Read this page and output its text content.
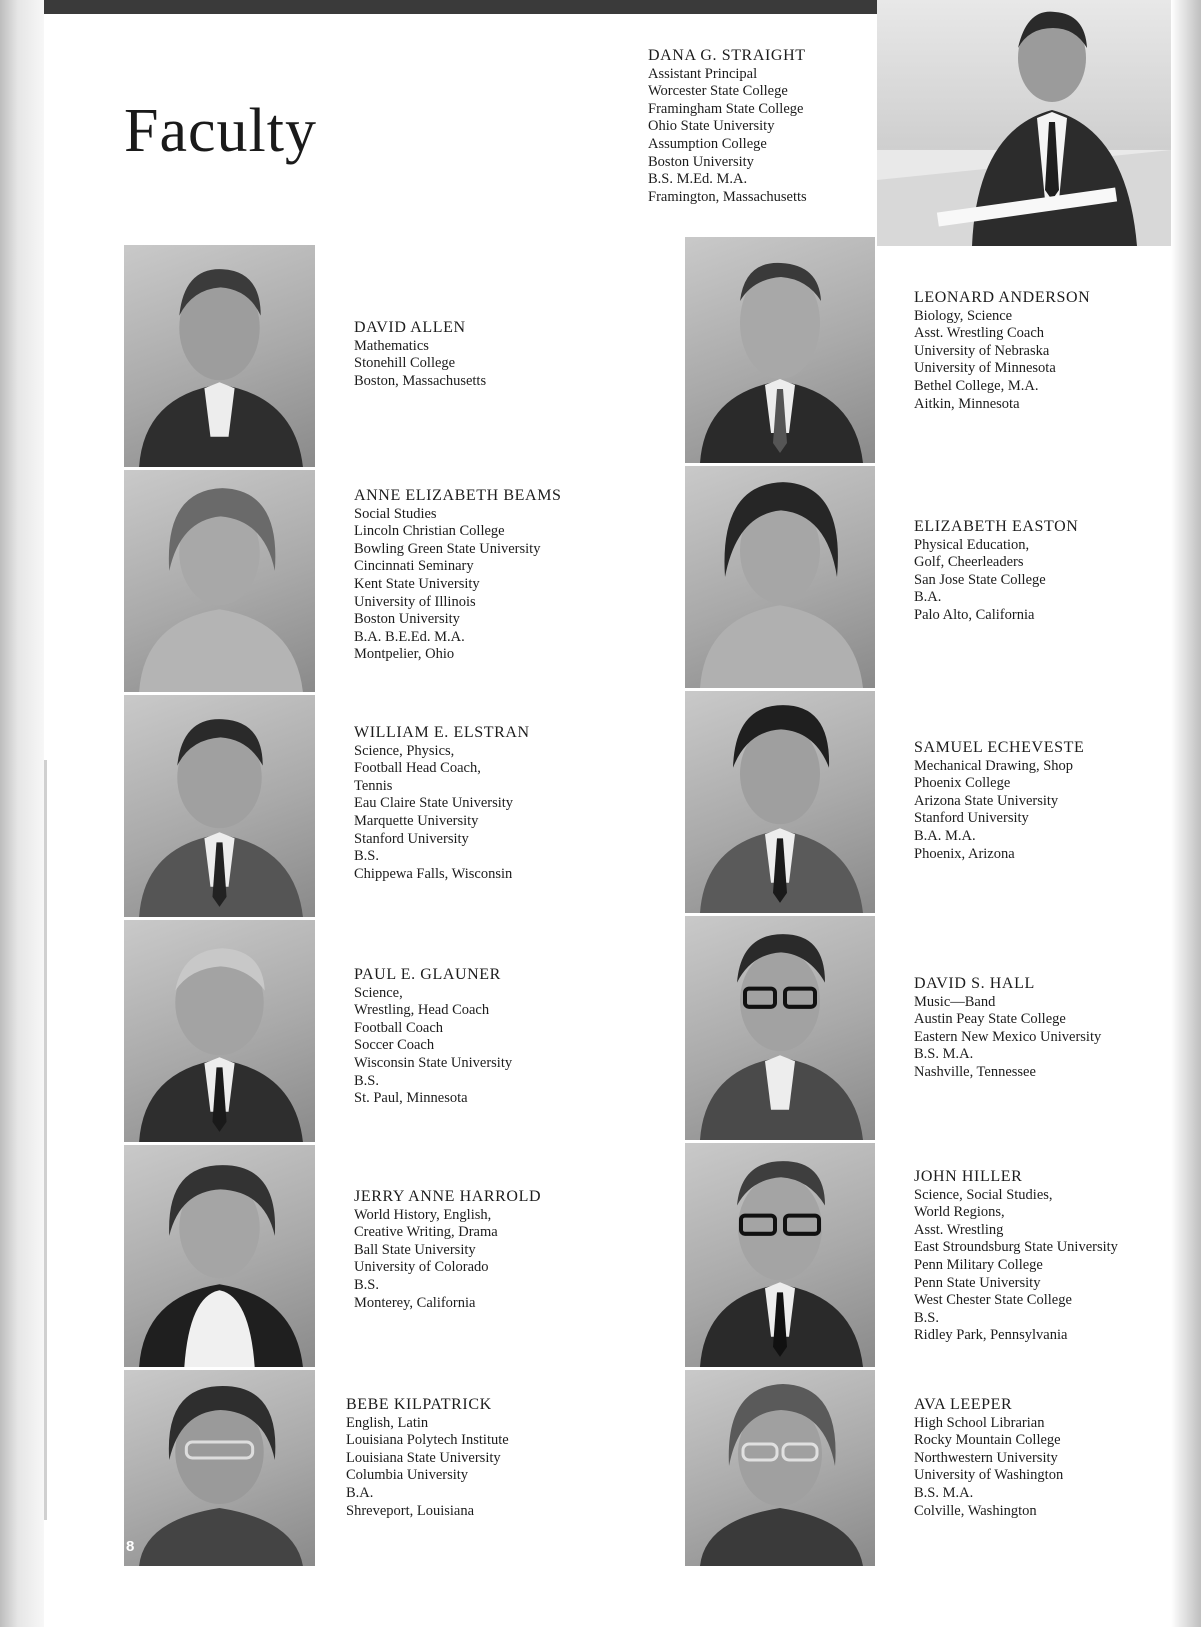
Faculty
DANA G. STRAIGHT
Assistant Principal
Worcester State College
Framingham State College
Ohio State University
Assumption College
Boston University
B.S. M.Ed. M.A.
Framington, Massachusetts
DAVID ALLEN
Mathematics
Stonehill College
Boston, Massachusetts
ANNE ELIZABETH BEAMS
Social Studies
Lincoln Christian College
Bowling Green State University
Cincinnati Seminary
Kent State University
University of Illinois
Boston University
B.A. B.E.Ed. M.A.
Montpelier, Ohio
WILLIAM E. ELSTRAN
Science, Physics,
Football Head Coach,
Tennis
Eau Claire State University
Marquette University
Stanford University
B.S.
Chippewa Falls, Wisconsin
PAUL E. GLAUNER
Science,
Wrestling, Head Coach
Football Coach
Soccer Coach
Wisconsin State University
B.S.
St. Paul, Minnesota
JERRY ANNE HARROLD
World History, English,
Creative Writing, Drama
Ball State University
University of Colorado
B.S.
Monterey, California
BEBE KILPATRICK
English, Latin
Louisiana Polytech Institute
Louisiana State University
Columbia University
B.A.
Shreveport, Louisiana
LEONARD ANDERSON
Biology, Science
Asst. Wrestling Coach
University of Nebraska
University of Minnesota
Bethel College, M.A.
Aitkin, Minnesota
ELIZABETH EASTON
Physical Education,
Golf, Cheerleaders
San Jose State College
B.A.
Palo Alto, California
SAMUEL ECHEVESTE
Mechanical Drawing, Shop
Phoenix College
Arizona State University
Stanford University
B.A. M.A.
Phoenix, Arizona
DAVID S. HALL
Music—Band
Austin Peay State College
Eastern New Mexico University
B.S. M.A.
Nashville, Tennessee
JOHN HILLER
Science, Social Studies,
World Regions,
Asst. Wrestling
East Stroundsburg State University
Penn Military College
Penn State University
West Chester State College
B.S.
Ridley Park, Pennsylvania
AVA LEEPER
High School Librarian
Rocky Mountain College
Northwestern University
University of Washington
B.S. M.A.
Colville, Washington
8
